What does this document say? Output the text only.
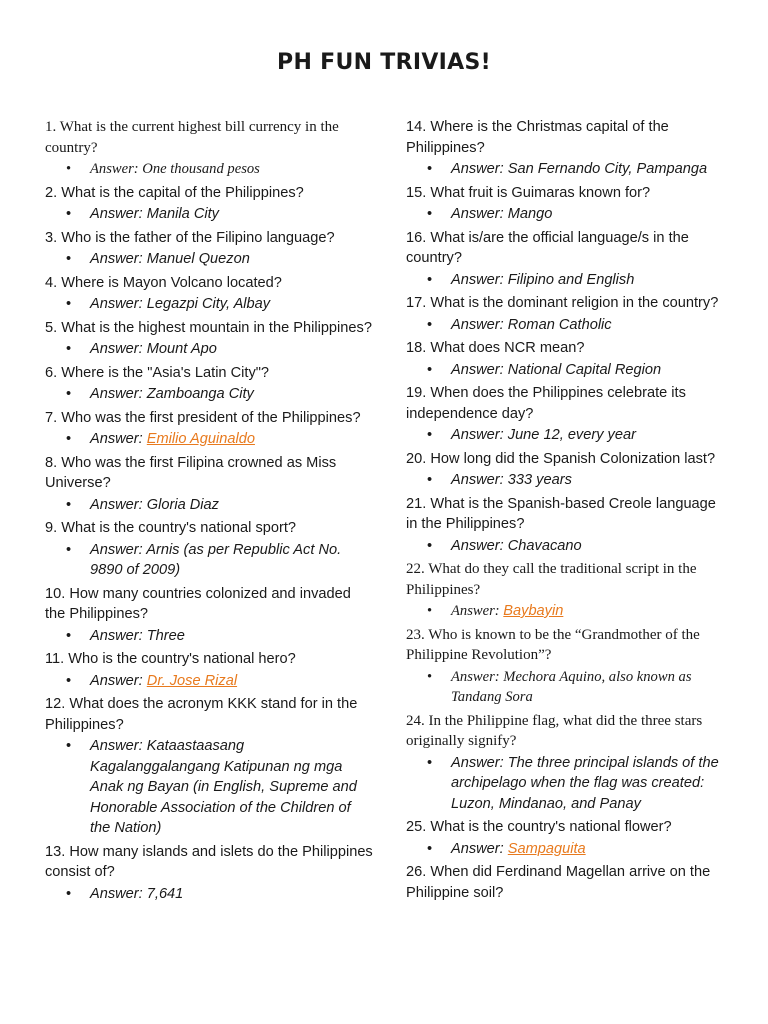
PH FUN TRIVIAS!
1. What is the current highest bill currency in the country?
• Answer: One thousand pesos
2. What is the capital of the Philippines?
• Answer: Manila City
3. Who is the father of the Filipino language?
• Answer: Manuel Quezon
4. Where is Mayon Volcano located?
• Answer: Legazpi City, Albay
5. What is the highest mountain in the Philippines?
• Answer: Mount Apo
6. Where is the "Asia's Latin City"?
• Answer: Zamboanga City
7. Who was the first president of the Philippines?
• Answer: Emilio Aguinaldo
8. Who was the first Filipina crowned as Miss Universe?
• Answer: Gloria Diaz
9. What is the country's national sport?
• Answer: Arnis (as per Republic Act No. 9890 of 2009)
10. How many countries colonized and invaded the Philippines?
• Answer: Three
11. Who is the country's national hero?
• Answer: Dr. Jose Rizal
12. What does the acronym KKK stand for in the Philippines?
• Answer: Kataastaasang Kagalanggalangang Katipunan ng mga Anak ng Bayan (in English, Supreme and Honorable Association of the Children of the Nation)
13. How many islands and islets do the Philippines consist of?
• Answer: 7,641
14. Where is the Christmas capital of the Philippines?
• Answer: San Fernando City, Pampanga
15. What fruit is Guimaras known for?
• Answer: Mango
16. What is/are the official language/s in the country?
• Answer: Filipino and English
17. What is the dominant religion in the country?
• Answer: Roman Catholic
18. What does NCR mean?
• Answer: National Capital Region
19. When does the Philippines celebrate its independence day?
• Answer: June 12, every year
20. How long did the Spanish Colonization last?
• Answer: 333 years
21. What is the Spanish-based Creole language in the Philippines?
• Answer: Chavacano
22. What do they call the traditional script in the Philippines?
• Answer: Baybayin
23. Who is known to be the “Grandmother of the Philippine Revolution”?
• Answer: Mechora Aquino, also known as Tandang Sora
24. In the Philippine flag, what did the three stars originally signify?
• Answer: The three principal islands of the archipelago when the flag was created: Luzon, Mindanao, and Panay
25. What is the country's national flower?
• Answer: Sampaguita
26. When did Ferdinand Magellan arrive on the Philippine soil?
